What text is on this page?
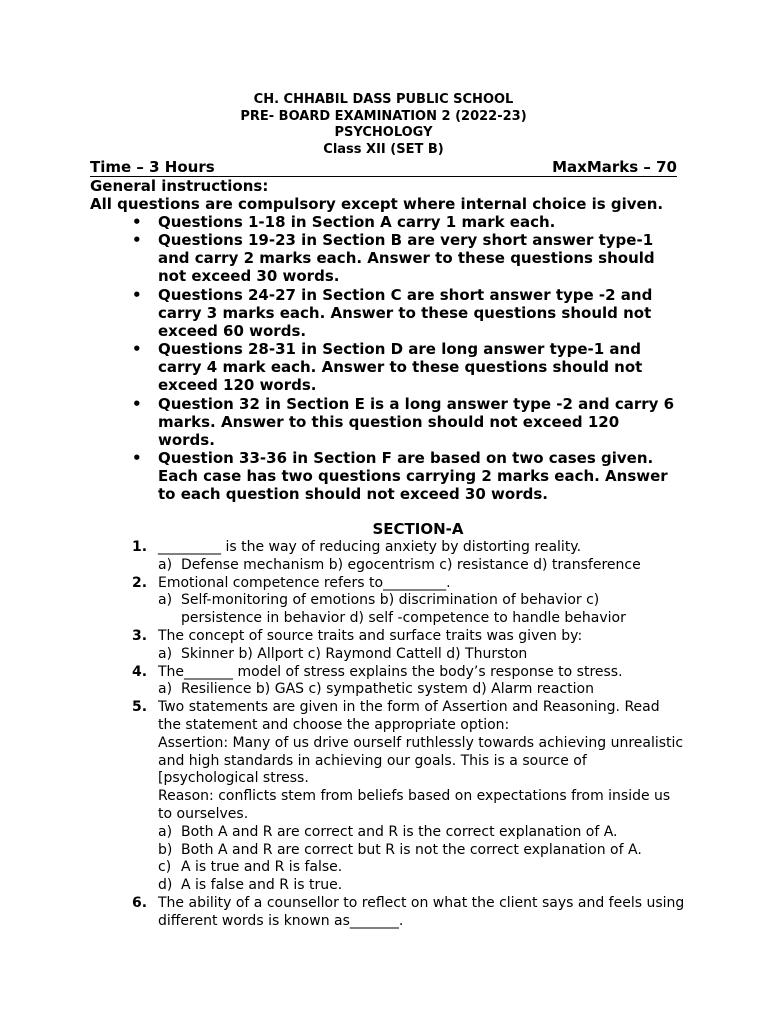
CH. CHHABIL DASS PUBLIC SCHOOL
PRE- BOARD EXAMINATION 2 (2022-23)
PSYCHOLOGY
Class XII (SET B)
Time – 3 Hours	MaxMarks – 70
General instructions:
All questions are compulsory except where internal choice is given.
• Questions 1-18 in Section A carry 1 mark each.
• Questions 19-23 in Section B are very short answer type-1
and carry 2 marks each. Answer to these questions should
not exceed 30 words.
• Questions 24-27 in Section C are short answer type -2 and
carry 3 marks each. Answer to these questions should not
exceed 60 words.
• Questions 28-31 in Section D are long answer type-1 and
carry 4 mark each. Answer to these questions should not
exceed 120 words.
• Question 32 in Section E is a long answer type -2 and carry 6
marks. Answer to this question should not exceed 120
words.
• Question 33-36 in Section F are based on two cases given.
Each case has two questions carrying 2 marks each. Answer
to each question should not exceed 30 words.
SECTION-A
1. _________ is the way of reducing anxiety by distorting reality.
a) Defense mechanism b) egocentrism c) resistance d) transference
2. Emotional competence refers to_________.
a) Self-monitoring of emotions b) discrimination of behavior c)
persistence in behavior d) self -competence to handle behavior
3. The concept of source traits and surface traits was given by:
a) Skinner b) Allport c) Raymond Cattell d) Thurston
4. The_______ model of stress explains the body’s response to stress.
a) Resilience b) GAS c) sympathetic system d) Alarm reaction
5. Two statements are given in the form of Assertion and Reasoning. Read
the statement and choose the appropriate option:
Assertion: Many of us drive ourself ruthlessly towards achieving unrealistic
and high standards in achieving our goals. This is a source of
[psychological stress.
Reason: conflicts stem from beliefs based on expectations from inside us
to ourselves.
a) Both A and R are correct and R is the correct explanation of A.
b) Both A and R are correct but R is not the correct explanation of A.
c) A is true and R is false.
d) A is false and R is true.
6. The ability of a counsellor to reflect on what the client says and feels using
different words is known as_______.
